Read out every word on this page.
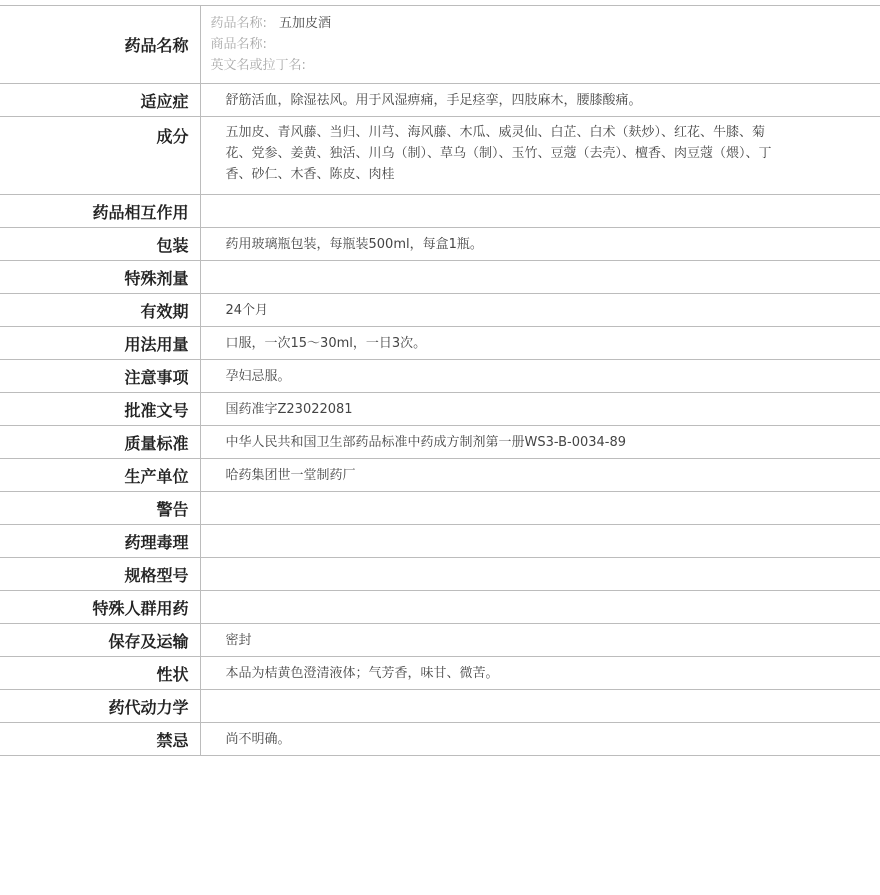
药品名称	药品名称: 五加皮酒
商品名称:
英文名或拉丁名:

适应症	舒筋活血，除湿祛风。用于风湿痹痛，手足痉挛，四肢麻木，腰膝酸痛。

成分	五加皮、青风藤、当归、川芎、海风藤、木瓜、威灵仙、白芷、白术（麸炒）、红花、牛膝、菊花、党参、姜黄、独活、川乌（制）、草乌（制）、玉竹、豆蔻（去壳）、檀香、肉豆蔻（煨）、丁香、砂仁、木香、陈皮、肉桂

药品相互作用	

包装	药用玻璃瓶包装，每瓶装500ml，每盒1瓶。

特殊剂量	

有效期	24个月

用法用量	口服，一次15～30ml，一日3次。

注意事项	孕妇忌服。

批准文号	国药准字Z23022081

质量标准	中华人民共和国卫生部药品标准中药成方制剂第一册WS3-B-0034-89

生产单位	哈药集团世一堂制药厂

警告	

药理毒理	

规格型号	

特殊人群用药	

保存及运输	密封

性状	本品为桔黄色澄清液体；气芳香，味甘、微苦。

药代动力学	

禁忌	尚不明确。
